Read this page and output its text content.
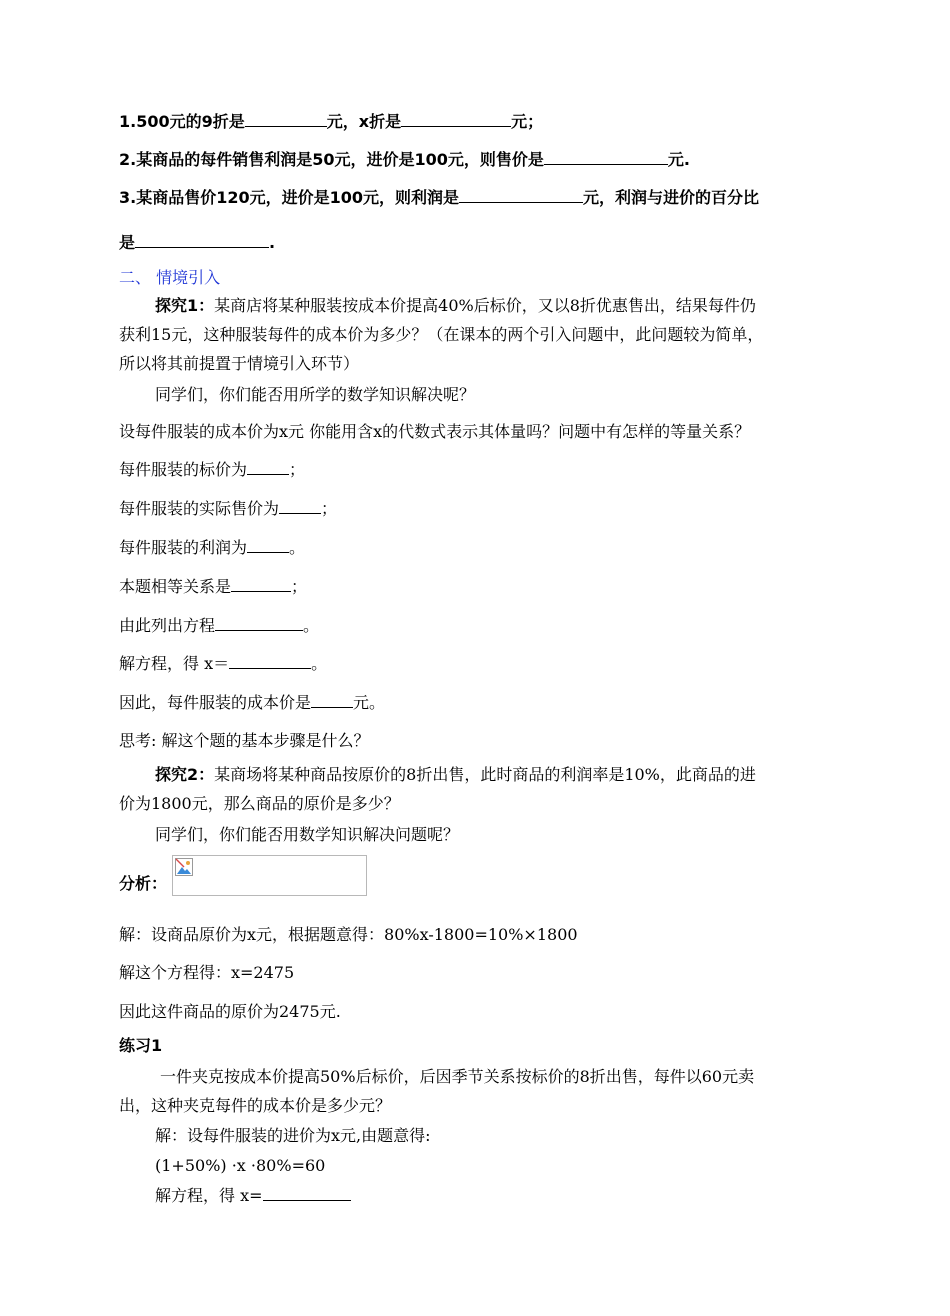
1.500元的9折是	元，x折是	元；
2.某商品的每件销售利润是50元，进价是100元，则售价是	元.
3.某商品售价120元，进价是100元，则利润是	元，利润与进价的百分比
是	.
二、 情境引入
探究1：某商店将某种服装按成本价提高40%后标价，又以8折优惠售出，结果每件仍
获利15元，这种服装每件的成本价为多少？（在课本的两个引入问题中，此问题较为简单，
所以将其前提置于情境引入环节）
同学们，你们能否用所学的数学知识解决呢？
设每件服装的成本价为x元 你能用含x的代数式表示其体量吗？问题中有怎样的等量关系？
每件服装的标价为	；
每件服装的实际售价为	；
每件服装的利润为	。
本题相等关系是	；
由此列出方程	。
解方程，得 x＝	。
因此，每件服装的成本价是	元。
思考: 解这个题的基本步骤是什么？
探究2：某商场将某种商品按原价的8折出售，此时商品的利润率是10%，此商品的进
价为1800元，那么商品的原价是多少？
同学们，你们能否用数学知识解决问题呢？
分析：
解：设商品原价为x元，根据题意得：80%x-1800=10%×1800
解这个方程得：x=2475
因此这件商品的原价为2475元.
练习1
一件夹克按成本价提高50%后标价，后因季节关系按标价的8折出售，每件以60元卖
出，这种夹克每件的成本价是多少元？
解：设每件服装的进价为x元,由题意得:
(1+50%) ·x ·80%=60
解方程，得 x=
